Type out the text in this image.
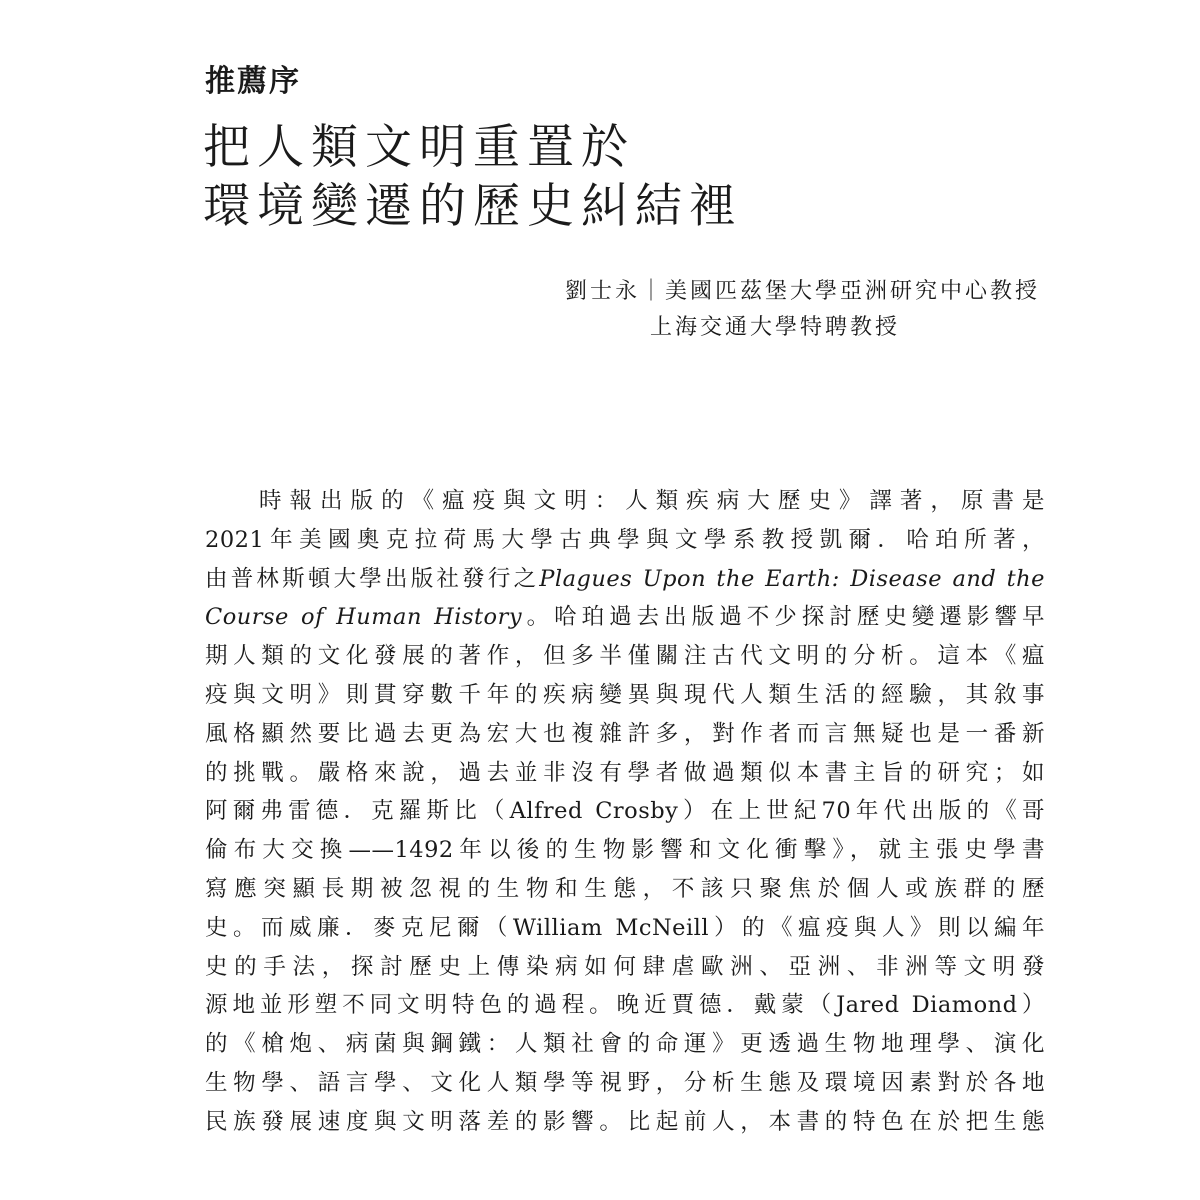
推薦序
把人類文明重置於
環境變遷的歷史糾結裡
劉士永｜美國匹茲堡大學亞洲研究中心教授
上海交通大學特聘教授
時報出版的《瘟疫與文明：人類疾病大歷史》譯著，原書是
2021年美國奧克拉荷馬大學古典學與文學系教授凱爾．哈珀所著，
由普林斯頓大學出版社發行之Plagues Upon the Earth: Disease and the
Course of Human History。哈珀過去出版過不少探討歷史變遷影響早
期人類的文化發展的著作，但多半僅關注古代文明的分析。這本《瘟
疫與文明》則貫穿數千年的疾病變異與現代人類生活的經驗，其敘事
風格顯然要比過去更為宏大也複雜許多，對作者而言無疑也是一番新
的挑戰。嚴格來說，過去並非沒有學者做過類似本書主旨的研究；如
阿爾弗雷德．克羅斯比（Alfred Crosby）在上世紀70年代出版的《哥
倫布大交換——1492年以後的生物影響和文化衝擊》，就主張史學書
寫應突顯長期被忽視的生物和生態，不該只聚焦於個人或族群的歷
史。而威廉．麥克尼爾（William McNeill）的《瘟疫與人》則以編年
史的手法，探討歷史上傳染病如何肆虐歐洲、亞洲、非洲等文明發
源地並形塑不同文明特色的過程。晚近賈德．戴蒙（Jared Diamond）
的《槍炮、病菌與鋼鐵：人類社會的命運》更透過生物地理學、演化
生物學、語言學、文化人類學等視野，分析生態及環境因素對於各地
民族發展速度與文明落差的影響。比起前人，本書的特色在於把生態
